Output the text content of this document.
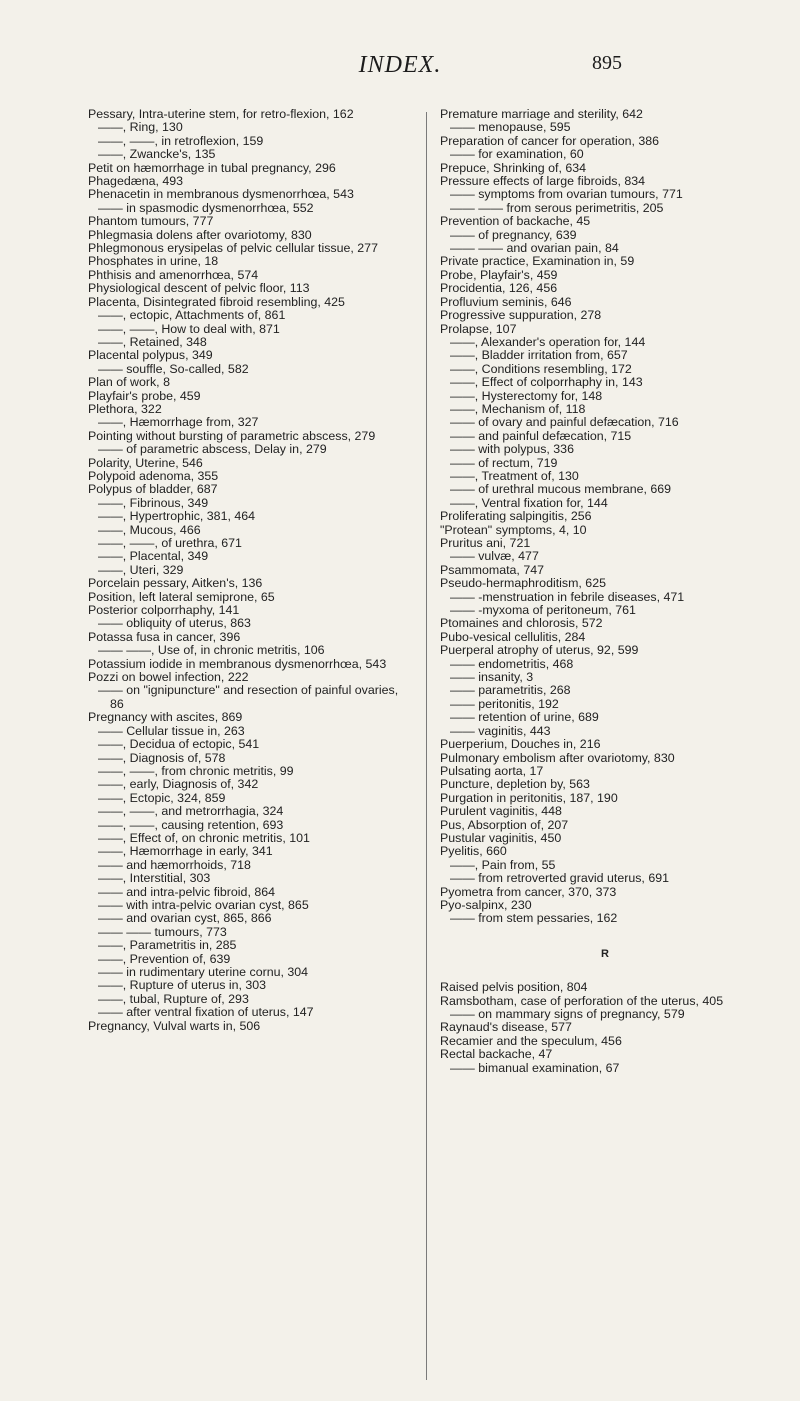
INDEX.	895

Pessary, Intra-uterine stem, for retro-flexion, 162

——, Ring, 130

——, ——, in retroflexion, 159

——, Zwancke's, 135

Petit on hæmorrhage in tubal pregnancy, 296

Phagedæna, 493

Phenacetin in membranous dysmenorrhœa, 543

—— in spasmodic dysmenorrhœa, 552

Phantom tumours, 777

Phlegmasia dolens after ovariotomy, 830

Phlegmonous erysipelas of pelvic cellular tissue, 277

Phosphates in urine, 18

Phthisis and amenorrhœa, 574

Physiological descent of pelvic floor, 113

Placenta, Disintegrated fibroid resembling, 425

——, ectopic, Attachments of, 861

——, ——, How to deal with, 871

——, Retained, 348

Placental polypus, 349

—— souffle, So-called, 582

Plan of work, 8

Playfair's probe, 459

Plethora, 322

——, Hæmorrhage from, 327

Pointing without bursting of parametric abscess, 279

—— of parametric abscess, Delay in, 279

Polarity, Uterine, 546

Polypoid adenoma, 355

Polypus of bladder, 687

——, Fibrinous, 349

——, Hypertrophic, 381, 464

——, Mucous, 466

——, ——, of urethra, 671

——, Placental, 349

——, Uteri, 329

Porcelain pessary, Aitken's, 136

Position, left lateral semiprone, 65

Posterior colporrhaphy, 141

—— obliquity of uterus, 863

Potassa fusa in cancer, 396

—— ——, Use of, in chronic metritis, 106

Potassium iodide in membranous dysmenorrhœa, 543

Pozzi on bowel infection, 222

—— on "ignipuncture" and resection of painful ovaries, 86

Pregnancy with ascites, 869

—— Cellular tissue in, 263

——, Decidua of ectopic, 541

——, Diagnosis of, 578

——, ——, from chronic metritis, 99

——, early, Diagnosis of, 342

——, Ectopic, 324, 859

——, ——, and metrorrhagia, 324

——, ——, causing retention, 693

——, Effect of, on chronic metritis, 101

——, Hæmorrhage in early, 341

—— and hæmorrhoids, 718

——, Interstitial, 303

—— and intra-pelvic fibroid, 864

—— with intra-pelvic ovarian cyst, 865

—— and ovarian cyst, 865, 866

—— —— tumours, 773

——, Parametritis in, 285

——, Prevention of, 639

—— in rudimentary uterine cornu, 304

——, Rupture of uterus in, 303

——, tubal, Rupture of, 293

—— after ventral fixation of uterus, 147

Pregnancy, Vulval warts in, 506

Premature marriage and sterility, 642

—— menopause, 595

Preparation of cancer for operation, 386

—— for examination, 60

Prepuce, Shrinking of, 634

Pressure effects of large fibroids, 834

—— symptoms from ovarian tumours, 771

—— —— from serous perimetritis, 205

Prevention of backache, 45

—— of pregnancy, 639

—— —— and ovarian pain, 84

Private practice, Examination in, 59

Probe, Playfair's, 459

Procidentia, 126, 456

Profluvium seminis, 646

Progressive suppuration, 278

Prolapse, 107

——, Alexander's operation for, 144

——, Bladder irritation from, 657

——, Conditions resembling, 172

——, Effect of colporrhaphy in, 143

——, Hysterectomy for, 148

——, Mechanism of, 118

—— of ovary and painful defæcation, 716

—— and painful defæcation, 715

—— with polypus, 336

—— of rectum, 719

——, Treatment of, 130

—— of urethral mucous membrane, 669

——, Ventral fixation for, 144

Proliferating salpingitis, 256

"Protean" symptoms, 4, 10

Pruritus ani, 721

—— vulvæ, 477

Psammomata, 747

Pseudo-hermaphroditism, 625

—— -menstruation in febrile diseases, 471

—— -myxoma of peritoneum, 761

Ptomaines and chlorosis, 572

Pubo-vesical cellulitis, 284

Puerperal atrophy of uterus, 92, 599

—— endometritis, 468

—— insanity, 3

—— parametritis, 268

—— peritonitis, 192

—— retention of urine, 689

—— vaginitis, 443

Puerperium, Douches in, 216

Pulmonary embolism after ovariotomy, 830

Pulsating aorta, 17

Puncture, depletion by, 563

Purgation in peritonitis, 187, 190

Purulent vaginitis, 448

Pus, Absorption of, 207

Pustular vaginitis, 450

Pyelitis, 660

——, Pain from, 55

—— from retroverted gravid uterus, 691

Pyometra from cancer, 370, 373

Pyo-salpinx, 230

—— from stem pessaries, 162

R

Raised pelvis position, 804

Ramsbotham, case of perforation of the uterus, 405

—— on mammary signs of pregnancy, 579

Raynaud's disease, 577

Recamier and the speculum, 456

Rectal backache, 47

—— bimanual examination, 67
